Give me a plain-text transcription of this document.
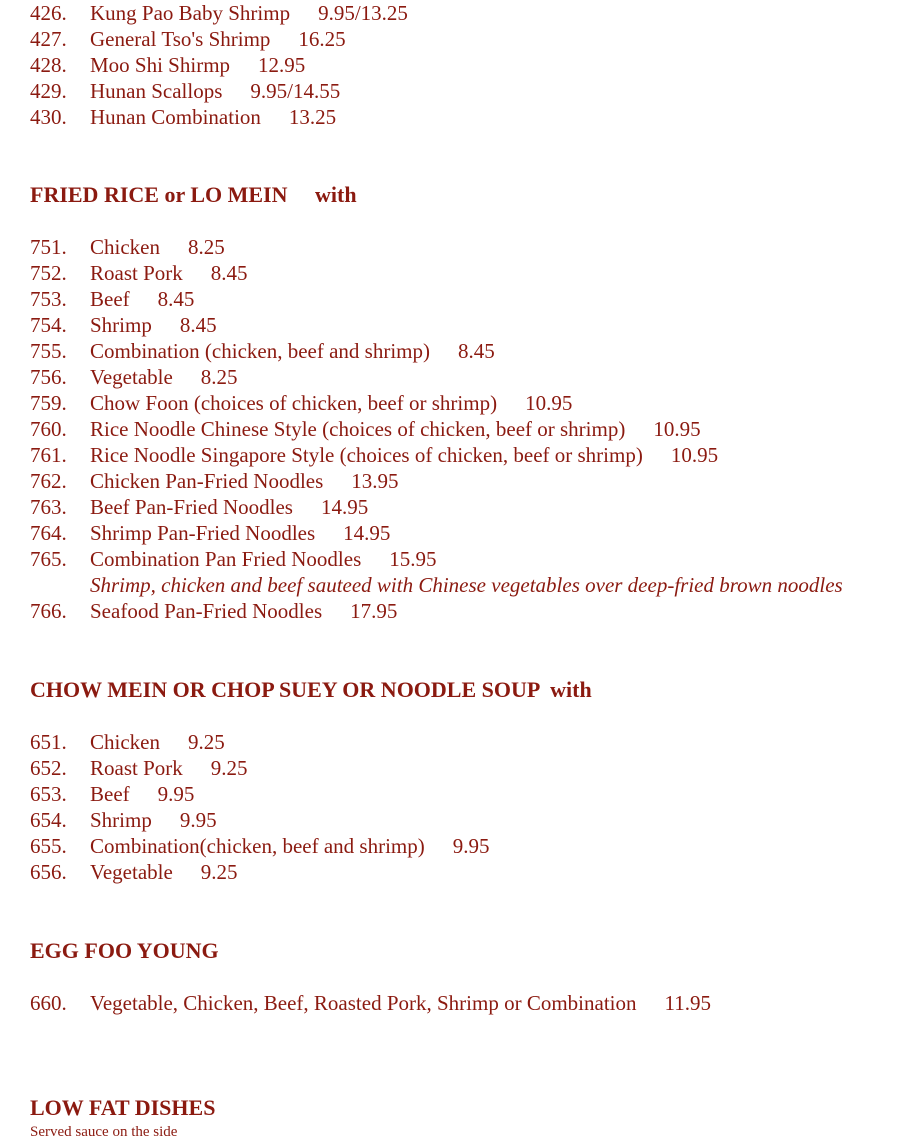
426. Kung Pao Baby Shrimp 9.95/13.25
427. General Tso's Shrimp 16.25
428. Moo Shi Shirmp 12.95
429. Hunan Scallops 9.95/14.55
430. Hunan Combination 13.25
FRIED RICE or LO MEIN     with
751. Chicken 8.25
752. Roast Pork 8.45
753. Beef 8.45
754. Shrimp 8.45
755. Combination (chicken, beef and shrimp) 8.45
756. Vegetable 8.25
759. Chow Foon (choices of chicken, beef or shrimp) 10.95
760. Rice Noodle Chinese Style (choices of chicken, beef or shrimp) 10.95
761. Rice Noodle Singapore Style (choices of chicken, beef or shrimp) 10.95
762. Chicken Pan-Fried Noodles 13.95
763. Beef Pan-Fried Noodles 14.95
764. Shrimp Pan-Fried Noodles 14.95
765. Combination Pan Fried Noodles 15.95
Shrimp, chicken and beef sauteed with Chinese vegetables over deep-fried brown noodles
766. Seafood Pan-Fried Noodles 17.95
CHOW MEIN OR CHOP SUEY OR NOODLE SOUP  with
651. Chicken 9.25
652. Roast Pork 9.25
653. Beef 9.95
654. Shrimp 9.95
655. Combination(chicken, beef and shrimp) 9.95
656. Vegetable 9.25
EGG FOO YOUNG
660. Vegetable, Chicken, Beef, Roasted Pork, Shrimp or Combination 11.95
LOW FAT DISHES
Served sauce on the side
